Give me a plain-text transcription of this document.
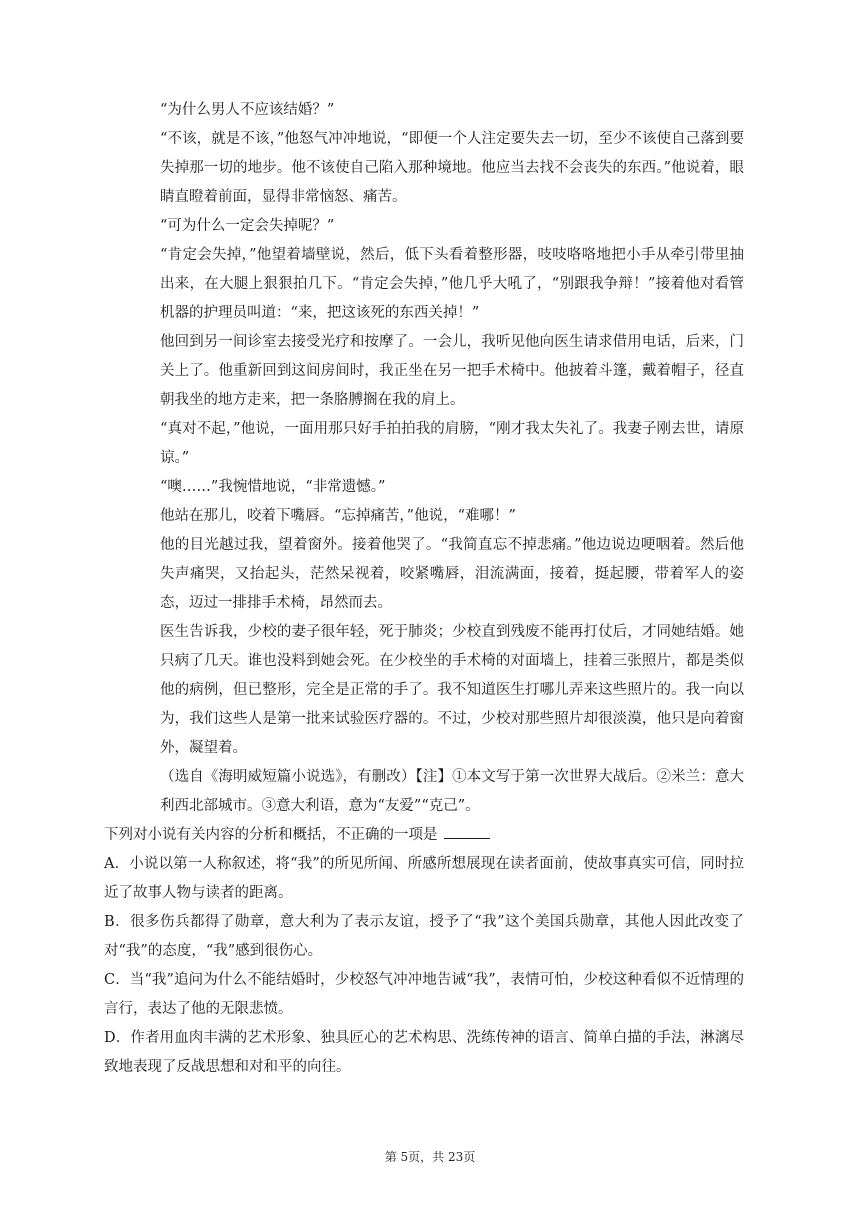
“为什么男人不应该结婚？”

“不该，就是不该，”他怒气冲冲地说，“即便一个人注定要失去一切，至少不该使自己落到要失掉那一切的地步。他不该使自己陷入那种境地。他应当去找不会丧失的东西。”他说着，眼睛直瞪着前面，显得非常恼怒、痛苦。

“可为什么一定会失掉呢？”

“肯定会失掉，”他望着墙壁说，然后，低下头看着整形器，吱吱咯咯地把小手从牵引带里抽出来，在大腿上狠狠拍几下。“肯定会失掉，”他几乎大吼了，“别跟我争辩！”接着他对看管机器的护理员叫道：“来，把这该死的东西关掉！”

他回到另一间诊室去接受光疗和按摩了。一会儿，我听见他向医生请求借用电话，后来，门关上了。他重新回到这间房间时，我正坐在另一把手术椅中。他披着斗篷，戴着帽子，径直朝我坐的地方走来，把一条胳膊搁在我的肩上。

“真对不起，”他说，一面用那只好手拍拍我的肩膀，“刚才我太失礼了。我妻子刚去世，请原谅。”

“噢……”我惋惜地说，“非常遗憾。”

他站在那儿，咬着下嘴唇。“忘掉痛苦，”他说，“难哪！”

他的目光越过我，望着窗外。接着他哭了。“我简直忘不掉悲痛。”他边说边哽咽着。然后他失声痛哭，又抬起头，茫然呆视着，咬紧嘴唇，泪流满面，接着，挺起腰，带着军人的姿态，迈过一排排手术椅，昂然而去。

医生告诉我，少校的妻子很年轻，死于肺炎；少校直到残废不能再打仗后，才同她结婚。她只病了几天。谁也没料到她会死。在少校坐的手术椅的对面墙上，挂着三张照片，都是类似他的病例，但已整形，完全是正常的手了。我不知道医生打哪儿弄来这些照片的。我一向以为，我们这些人是第一批来试验医疗器的。不过，少校对那些照片却很淡漠，他只是向着窗外，凝望着。

（选自《海明威短篇小说选》，有删改）【注】①本文写于第一次世界大战后。②米兰：意大利西北部城市。③意大利语，意为“友爱”“克己”。

下列对小说有关内容的分析和概括，不正确的一项是

A．小说以第一人称叙述，将“我”的所见所闻、所感所想展现在读者面前，使故事真实可信，同时拉近了故事人物与读者的距离。

B．很多伤兵都得了勋章，意大利为了表示友谊，授予了“我”这个美国兵勋章，其他人因此改变了对“我”的态度，“我”感到很伤心。

C．当“我”追问为什么不能结婚时，少校怒气冲冲地告诫“我”，表情可怕，少校这种看似不近情理的言行，表达了他的无限悲愤。

D．作者用血肉丰满的艺术形象、独具匠心的艺术构思、洗练传神的语言、简单白描的手法，淋漓尽致地表现了反战思想和对和平的向往。

第 5页，共 23页
